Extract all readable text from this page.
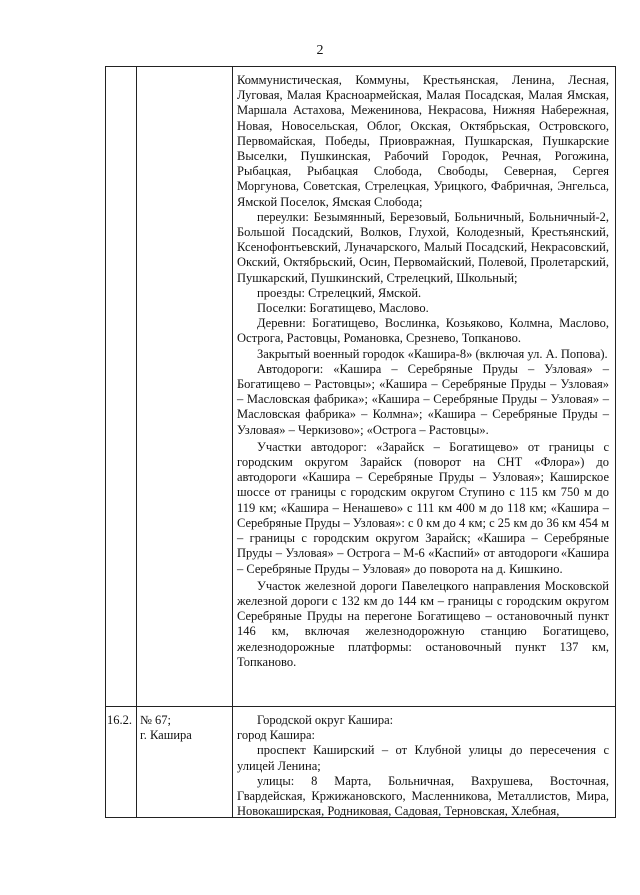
2

Коммунистическая, Коммуны, Крестьянская, Ленина, Лесная, Луговая, Малая Красноармейская, Малая Посадская, Малая Ямская, Маршала Астахова, Меженинова, Некрасова, Нижняя Набережная, Новая, Новосельская, Облог, Окская, Октябрьская, Островского, Первомайская, Победы, Приовражная, Пушкарская, Пушкарские Выселки, Пушкинская, Рабочий Городок, Речная, Рогожина, Рыбацкая, Рыбацкая Слобода, Свободы, Северная, Сергея Моргунова, Советская, Стрелецкая, Урицкого, Фабричная, Энгельса, Ямской Поселок, Ямская Слобода;

переулки: Безымянный, Березовый, Больничный, Больничный-2, Большой Посадский, Волков, Глухой, Колодезный, Крестьянский, Ксенофонтьевский, Луначарского, Малый Посадский, Некрасовский, Окский, Октябрьский, Осин, Первомайский, Полевой, Пролетарский, Пушкарский, Пушкинский, Стрелецкий, Школьный;

проезды: Стрелецкий, Ямской.

Поселки: Богатищево, Маслово.

Деревни: Богатищево, Вослинка, Козьяково, Колмна, Маслово, Острога, Растовцы, Романовка, Срезнево, Топканово.

Закрытый военный городок «Кашира-8» (включая ул. А. Попова).

Автодороги: «Кашира – Серебряные Пруды – Узловая» – Богатищево – Растовцы»; «Кашира – Серебряные Пруды – Узловая» – Масловская фабрика»; «Кашира – Серебряные Пруды – Узловая» – Масловская фабрика» – Колмна»; «Кашира – Серебряные Пруды – Узловая» – Черкизово»; «Острога – Растовцы».

Участки автодорог: «Зарайск – Богатищево» от границы с городским округом Зарайск (поворот на СНТ «Флора») до автодороги «Кашира – Серебряные Пруды – Узловая»; Каширское шоссе от границы с городским округом Ступино с 115 км 750 м до 119 км; «Кашира – Ненашево» с 111 км 400 м до 118 км; «Кашира – Серебряные Пруды – Узловая»: с 0 км до 4 км; с 25 км до 36 км 454 м – границы с городским округом Зарайск; «Кашира – Серебряные Пруды – Узловая» – Острога – М-6 «Каспий» от автодороги «Кашира – Серебряные Пруды – Узловая» до поворота на д. Кишкино.

Участок железной дороги Павелецкого направления Московской железной дороги с 132 км до 144 км – границы с городским округом Серебряные Пруды на перегоне Богатищево – остановочный пункт 146 км, включая железнодорожную станцию Богатищево, железнодорожные платформы: остановочный пункт 137 км, Топканово.

16.2. № 67;
г. Кашира

Городской округ Кашира:

город Кашира:

проспект Каширский – от Клубной улицы до пересечения с улицей Ленина;

улицы: 8 Марта, Больничная, Вахрушева, Восточная, Гвардейская, Кржижановского, Масленникова, Металлистов, Мира, Новокаширская, Родниковая, Садовая, Терновская, Хлебная,
